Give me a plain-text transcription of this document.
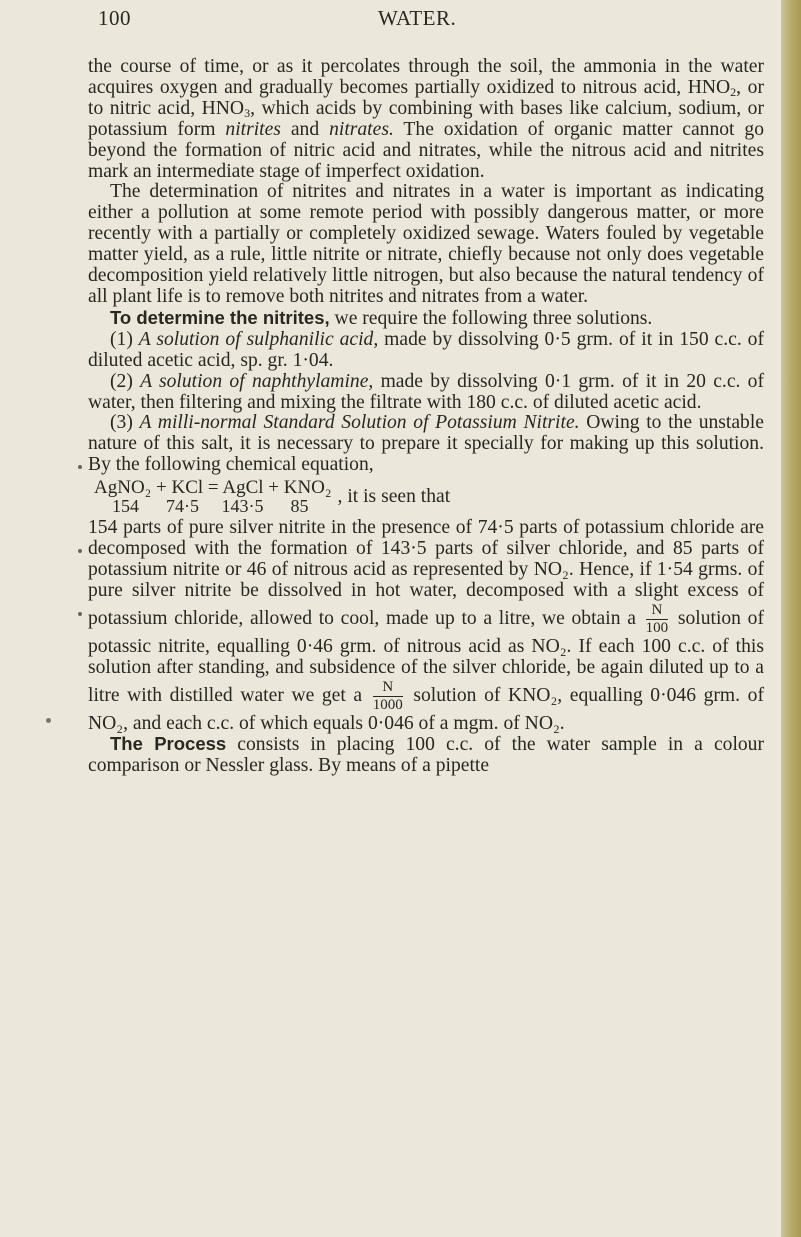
100	WATER.

the course of time, or as it percolates through the soil, the ammonia in the water acquires oxygen and gradually becomes partially oxidized to nitrous acid, $HNO_2$, or to nitric acid, $HNO_3$, which acids by combining with bases like calcium, sodium, or potassium form nitrites and nitrates. The oxidation of organic matter cannot go beyond the formation of nitric acid and nitrates, while the nitrous acid and nitrites mark an intermediate stage of imperfect oxidation.

The determination of nitrites and nitrates in a water is important as indicating either a pollution at some remote period with possibly dangerous matter, or more recently with a partially or completely oxidized sewage. Waters fouled by vegetable matter yield, as a rule, little nitrite or nitrate, chiefly because not only does vegetable decomposition yield relatively little nitrogen, but also because the natural tendency of all plant life is to remove both nitrites and nitrates from a water.

To determine the nitrites, we require the following three solutions.

(1) A solution of sulphanilic acid, made by dissolving 0·5 grm. of it in 150 c.c. of diluted acetic acid, sp. gr. 1·04.

(2) A solution of naphthylamine, made by dissolving 0·1 grm. of it in 20 c.c. of water, then filtering and mixing the filtrate with 180 c.c. of diluted acetic acid.

(3) A milli-normal Standard Solution of Potassium Nitrite. Owing to the unstable nature of this salt, it is necessary to prepare it specially for making up this solution. By the following chemical equation,

AgNO₂ + KCl = AgCl + KNO₂
154      74·5     143·5      85	, it is seen that

154 parts of pure silver nitrite in the presence of 74·5 parts of potassium chloride are decomposed with the formation of 143·5 parts of silver chloride, and 85 parts of potassium nitrite or 46 of nitrous acid as represented by NO₂. Hence, if 1·54 grms. of pure silver nitrite be dissolved in hot water, decomposed with a slight excess of potassium chloride, allowed to cool, made up to a litre, we obtain a $\frac{N}{100}$ solution of potassic nitrite, equalling 0·46 grm. of nitrous acid as NO₂. If each 100 c.c. of this solution after standing, and subsidence of the silver chloride, be again diluted up to a litre with distilled water we get a $\frac{N}{1000}$ solution of KNO₂, equalling 0·046 grm. of NO₂, and each c.c. of which equals 0·046 of a mgm. of NO₂.

The Process consists in placing 100 c.c. of the water sample in a colour comparison or Nessler glass. By means of a pipette
